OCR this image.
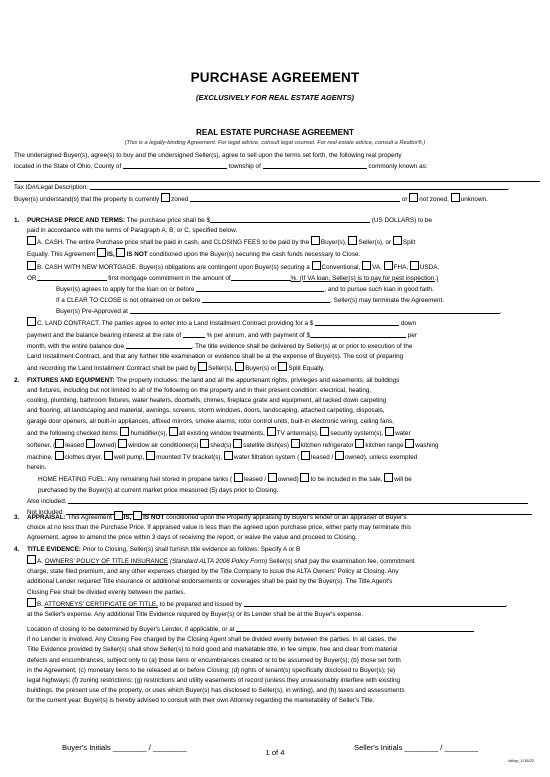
PURCHASE AGREEMENT
(EXCLUSIVELY FOR REAL ESTATE AGENTS)
REAL ESTATE PURCHASE AGREEMENT
(This is a legally-binding Agreement. For legal advice, consult legal counsel. For real estate advice, consult a Realtor®.)

The undersigned Buyer(s), agree(s) to buy and the undersigned Seller(s), agree to sell upon the terms set forth, the following real property

located in the State of Ohio, County of	township of	commonly known as:

Tax ID#/Legal Description:	.

Buyer(s) understand(s) that the property is currently zoned	or not zoned, unknown.

1. PURCHASE PRICE AND TERMS: The purchase price shall be $	(US DOLLARS) to be

paid in accordance with the terms of Paragraph A, B, or C, specified below.

A. CASH. The entire Purchase price shall be paid in cash, and CLOSING FEES to be paid by the Buyer(s), Seller(s), or Split

Equally. This Agreement IS, IS NOT conditioned upon the Buyer(s) securing the cash funds necessary to Close.

B. CASH WITH NEW MORTGAGE. Buyer(s) obligations are contingent upon Buyer(s) securing a Conventional, VA, FHA, USDA,

OR	first mortgage commitment in the amount of	%. (If VA loan, Seller(s) is to pay for pest inspection.)

Buyer(s) agrees to apply for the loan on or before	, and to pursue such loan in good faith.

If a CLEAR TO CLOSE is not obtained on or before	, Seller(s) may terminate the Agreement.

Buyer(s) Pre-Approved at	.

C. LAND CONTRACT. The parties agree to enter into a Land Installment Contract providing for a $	down

payment and the balance bearing interest at the rate of	% per annum, and with payment of $	per

month, with the entire balance due	. The title evidence shall be delivered by Seller(s) at or prior to execution of the

Land Installment Contract, and that any further title examination or evidence shall be at the expense of Buyer(s). The cost of preparing

and recording the Land Installment Contract shall be paid by Seller(s), Buyer(s) or Split Equally.

2. FIXTURES AND EQUIPMENT: The property includes: the land and all the appurtenant rights, privileges and easements, all buildings

and fixtures, including but not limited to all of the following on the property and in their present condition: electrical, heating,

cooling, plumbing, bathroom fixtures, water heaters, doorbells, chimes, fireplace grate and equipment, all tacked down carpeting

and flooring, all landscaping and material, awnings, screens, storm windows, doors, landscaping, attached carpeting, disposals,

garage door openers, all built-in appliances, affixed mirrors, smoke alarms, rotor control units, built-in electronic wiring, ceiling fans,

and the following checked items: humidifier(s), all existing window treatments, TV antenna(s), security system(s), water

softener, ( leased owned) window air conditioner(s) shed(s) satellite dish(es) kitchen refrigerator kitchen range washing

machine, clothes dryer, well pump, mounted TV bracket(s), water filtration system ( leased / owned), unless exempted

herein.

HOME HEATING FUEL: Any remaining fuel stored in propane tanks ( leased / owned) to be included in the sale, will be

purchased by the Buyer(s) at current market price measured (5) days prior to Closing.

Also included:

Not included:

3. APPRAISAL: This Agreement IS, IS NOT conditioned upon the Property appraising by Buyer's lender or an appraiser of Buyer's

choice at no less than the Purchase Price. If appraised value is less than the agreed upon purchase price, either party may terminate this

Agreement, agree to amend the price within 3 days of receiving the report, or waive the value and proceed to Closing.

4. TITLE EVIDENCE: Prior to Closing, Seller(s) shall furnish title evidence as follows: Specify A or B

A. OWNERS' POLICY OF TITLE INSURANCE (Standard ALTA 2006 Policy Form) Seller(s) shall pay the examination fee, commitment

charge, state filed premium, and any other expenses charged by the Title Company to issue the ALTA Owners' Policy at Closing. Any

additional Lender required Title insurance or additional endorsements or coverages shall be paid by the Buyer(s). The Title Agent's

Closing Fee shall be divided evenly between the parties.

B. ATTORNEYS' CERTIFICATE OF TITLE, to be prepared and issued by	,

at the Seller's expense. Any additional Title Evidence required by Buyer(s) or its Lender shall be at the Buyer's expense.

Location of closing to be determined by Buyer's Lender, if applicable, or at

if no Lender is involved. Any Closing Fee charged by the Closing Agent shall be divided evenly between the parties. In all cases, the

Title Evidence provided by Seller(s) shall show Seller(s) to hold good and marketable title, in fee simple, free and clear from material

defects and encumbrances, subject only to (a) those liens or encumbrances created or to be assumed by Buyer(s); (b) those set forth

in the Agreement; (c) monetary liens to be released at or before Closing; (d) rights of tenant(s) specifically disclosed to Buyer(s); (e)

legal highways; (f) zoning restrictions; (g) restrictions and utility easements of record (unless they unreasonably interfere with existing

buildings, the present use of the property, or uses which Buyer(s) has disclosed to Seller(s), in writing), and (h) taxes and assessments

for the current year. Buyer(s) is hereby advised to consult with their own Attorney regarding the marketability of Seller's Title.

Buyer's Initials ________ / ________	Seller's Initials ________ / ________
1 of 4
tvlllop_1/15/22
